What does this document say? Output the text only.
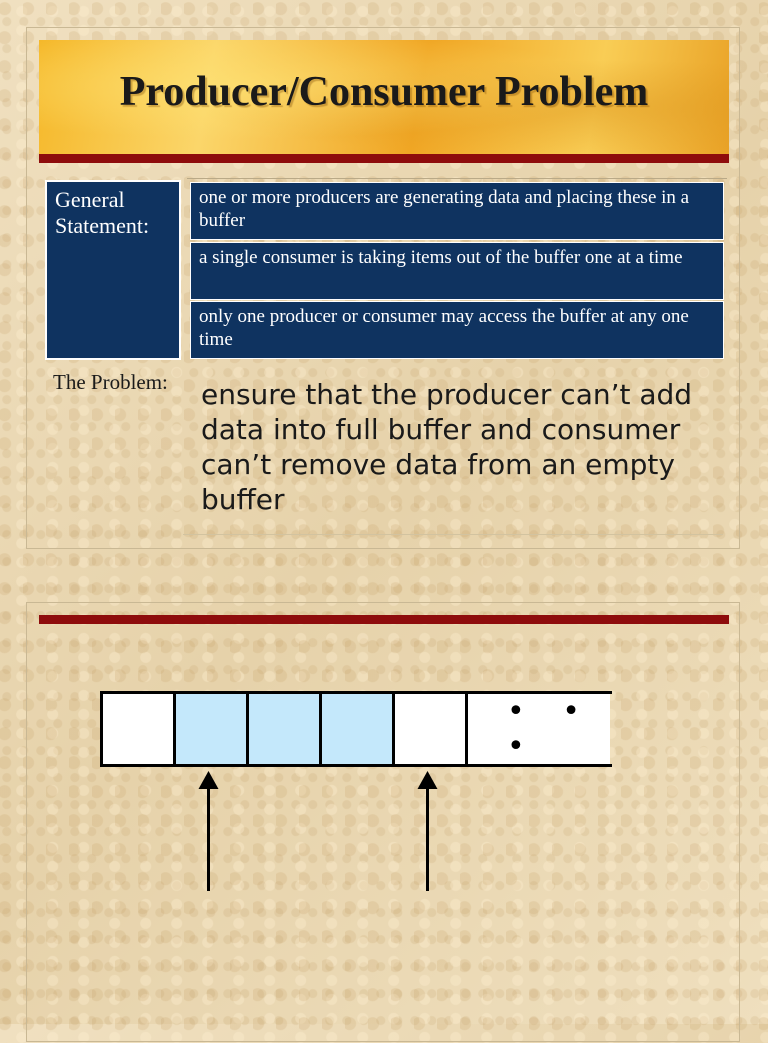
Producer/Consumer Problem
General Statement:
one or more producers are generating data and placing these in a buffer
a single consumer is taking items out of the buffer one at a time
only one producer or consumer may access the buffer at any one time
The Problem:	ensure that the producer can’t add data into full buffer and consumer can’t remove data from an empty buffer
• • •
